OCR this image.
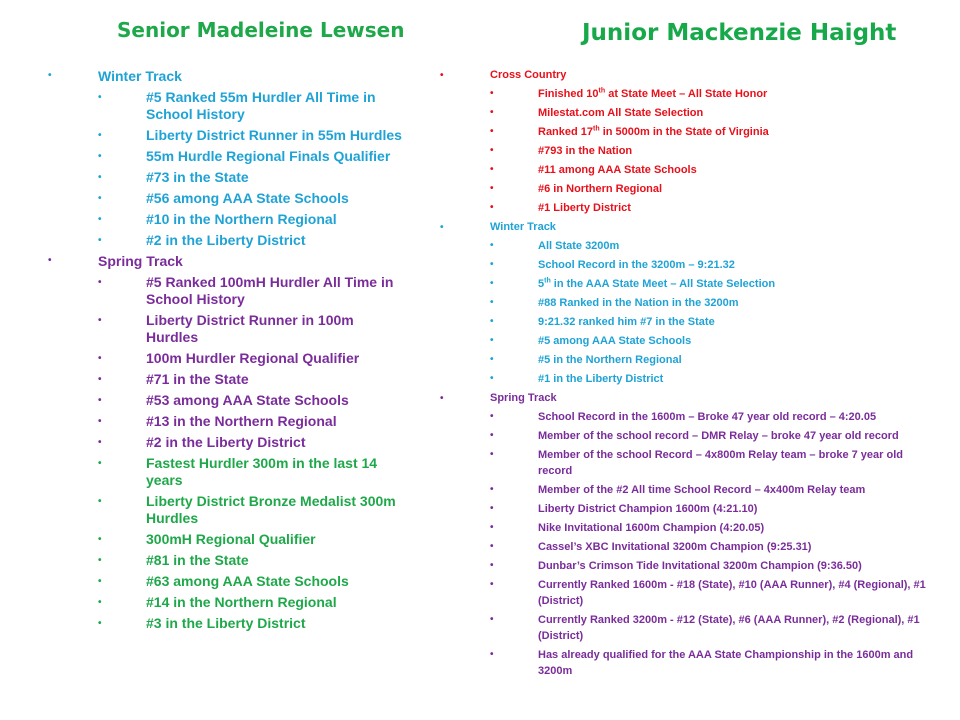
Senior Madeleine Lewsen	Junior Mackenzie Haight
•	Winter Track
•	#5 Ranked 55m Hurdler All Time in School History
•	Liberty District Runner in 55m Hurdles
•	55m Hurdle Regional Finals Qualifier
•	#73 in the State
•	#56 among AAA State Schools
•	#10 in the Northern Regional
•	#2 in the Liberty District
•	Spring Track
•	#5 Ranked 100mH Hurdler All Time in School History
•	Liberty District Runner in 100m Hurdles
•	100m Hurdler Regional Qualifier
•	#71 in the State
•	#53 among AAA State Schools
•	#13 in the Northern Regional
•	#2 in the Liberty District
•	Fastest Hurdler 300m in the last 14 years
•	Liberty District Bronze Medalist 300m Hurdles
•	300mH Regional Qualifier
•	#81 in the State
•	#63 among AAA State Schools
•	#14 in the Northern Regional
•	#3 in the Liberty District
•	Cross Country
•	Finished 10th at State Meet – All State Honor
•	Milestat.com All State Selection
•	Ranked 17th in 5000m in the State of Virginia
•	#793 in the Nation
•	#11 among AAA State Schools
•	#6 in Northern Regional
•	#1 Liberty District
•	Winter Track
•	All State 3200m
•	School Record in the 3200m – 9:21.32
•	5th in the AAA State Meet – All State Selection
•	#88 Ranked in the Nation in the 3200m
•	9:21.32 ranked him #7 in the State
•	#5 among AAA State Schools
•	#5 in the Northern Regional
•	#1 in the Liberty District
•	Spring Track
•	School Record in the 1600m – Broke 47 year old record – 4:20.05
•	Member of the school record – DMR Relay – broke 47 year old record
•	Member of the school Record – 4x800m Relay team – broke 7 year old record
•	Member of the #2 All time School Record – 4x400m Relay team
•	Liberty District Champion 1600m (4:21.10)
•	Nike Invitational 1600m Champion (4:20.05)
•	Cassel’s XBC Invitational 3200m Champion (9:25.31)
•	Dunbar’s Crimson Tide Invitational 3200m Champion (9:36.50)
•	Currently Ranked 1600m - #18 (State), #10 (AAA Runner), #4 (Regional), #1 (District)
•	Currently Ranked 3200m - #12 (State), #6 (AAA Runner), #2 (Regional), #1 (District)
•	Has already qualified for the AAA State Championship in the 1600m and 3200m
